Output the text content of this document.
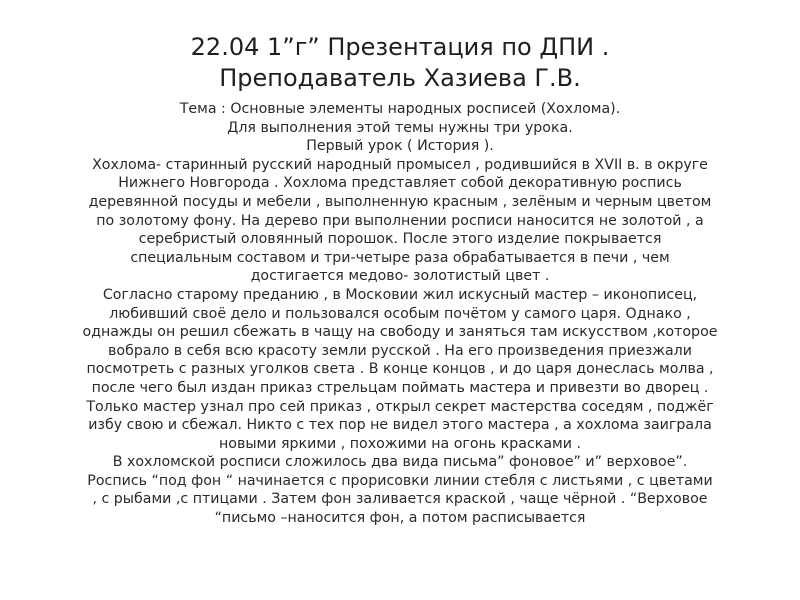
22.04 1”г” Презентация по ДПИ .
Преподаватель Хазиева Г.В.
Тема : Основные элементы народных росписей (Хохлома).
Для выполнения этой темы нужны три урока.
Первый урок ( История ).

Хохлома- старинный русский народный промысел , родившийся в XVII в. в округе
Нижнего Новгорода . Хохлома представляет собой декоративную роспись
деревянной посуды и мебели , выполненную красным , зелёным и черным цветом
по золотому фону. На дерево при выполнении росписи наносится не золотой , а
серебристый оловянный порошок. После этого изделие покрывается
специальным составом и три-четыре раза обрабатывается в печи , чем
достигается медово- золотистый цвет .

Согласно старому преданию , в Московии жил искусный мастер – иконописец,
любивший своё дело и пользовался особым почётом у самого царя. Однако ,
однажды он решил сбежать в чащу на свободу и заняться там искусством ,которое
вобрало в себя всю красоту земли русской . На его произведения приезжали
посмотреть с разных уголков света . В конце концов , и до царя донеслась молва ,
после чего был издан приказ стрельцам поймать мастера и привезти во дворец .
Только мастер узнал про сей приказ , открыл секрет мастерства соседям , поджёг
избу свою и сбежал. Никто с тех пор не видел этого мастера , а хохлома заиграла
новыми яркими , похожими на огонь красками .

В хохломской росписи сложилось два вида письма” фоновое” и” верховое”.
Роспись “под фон “ начинается с прорисовки линии стебля с листьями , с цветами
, с рыбами ,с птицами . Затем фон заливается краской , чаще чёрной . “Верховое
“письмо –наносится фон, а потом расписывается
